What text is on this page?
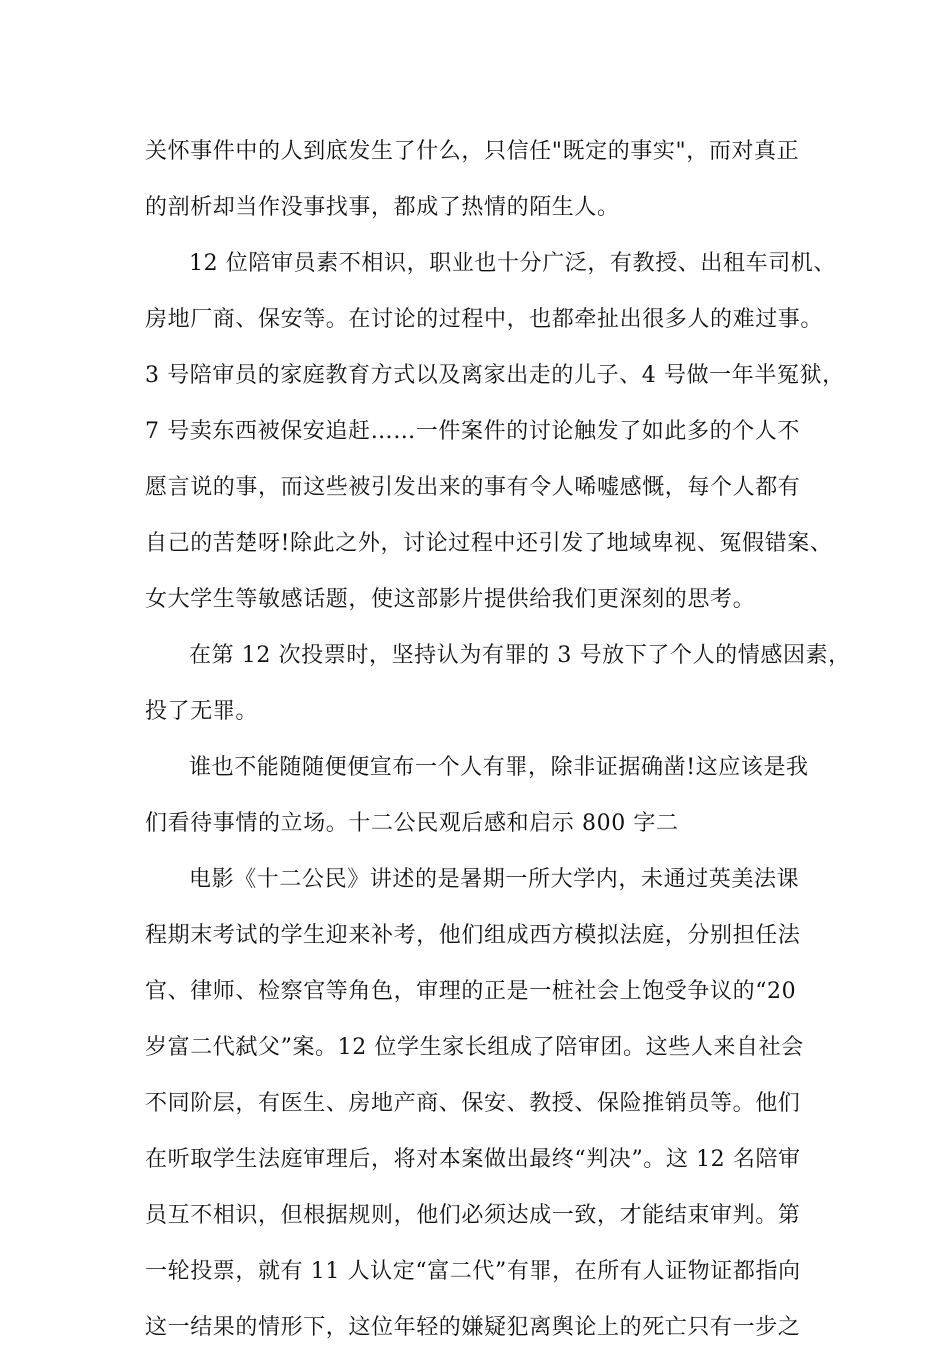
关怀事件中的人到底发生了什么，只信任"既定的事实"，而对真正
的剖析却当作没事找事，都成了热情的陌生人。
12 位陪审员素不相识，职业也十分广泛，有教授、出租车司机、
房地厂商、保安等。在讨论的过程中，也都牵扯出很多人的难过事。
3 号陪审员的家庭教育方式以及离家出走的儿子、4 号做一年半冤狱，
7 号卖东西被保安追赶……一件案件的讨论触发了如此多的个人不
愿言说的事，而这些被引发出来的事有令人唏嘘感慨，每个人都有
自己的苦楚呀!除此之外，讨论过程中还引发了地域卑视、冤假错案、
女大学生等敏感话题，使这部影片提供给我们更深刻的思考。
在第 12 次投票时，坚持认为有罪的 3 号放下了个人的情感因素，
投了无罪。
谁也不能随随便便宣布一个人有罪，除非证据确凿!这应该是我
们看待事情的立场。十二公民观后感和启示 800 字二
电影《十二公民》讲述的是暑期一所大学内，未通过英美法课
程期末考试的学生迎来补考，他们组成西方模拟法庭，分别担任法
官、律师、检察官等角色，审理的正是一桩社会上饱受争议的“20
岁富二代弑父”案。12 位学生家长组成了陪审团。这些人来自社会
不同阶层，有医生、房地产商、保安、教授、保险推销员等。他们
在听取学生法庭审理后，将对本案做出最终“判决”。这 12 名陪审
员互不相识，但根据规则，他们必须达成一致，才能结束审判。第
一轮投票，就有 11 人认定“富二代”有罪，在所有人证物证都指向
这一结果的情形下，这位年轻的嫌疑犯离舆论上的死亡只有一步之
